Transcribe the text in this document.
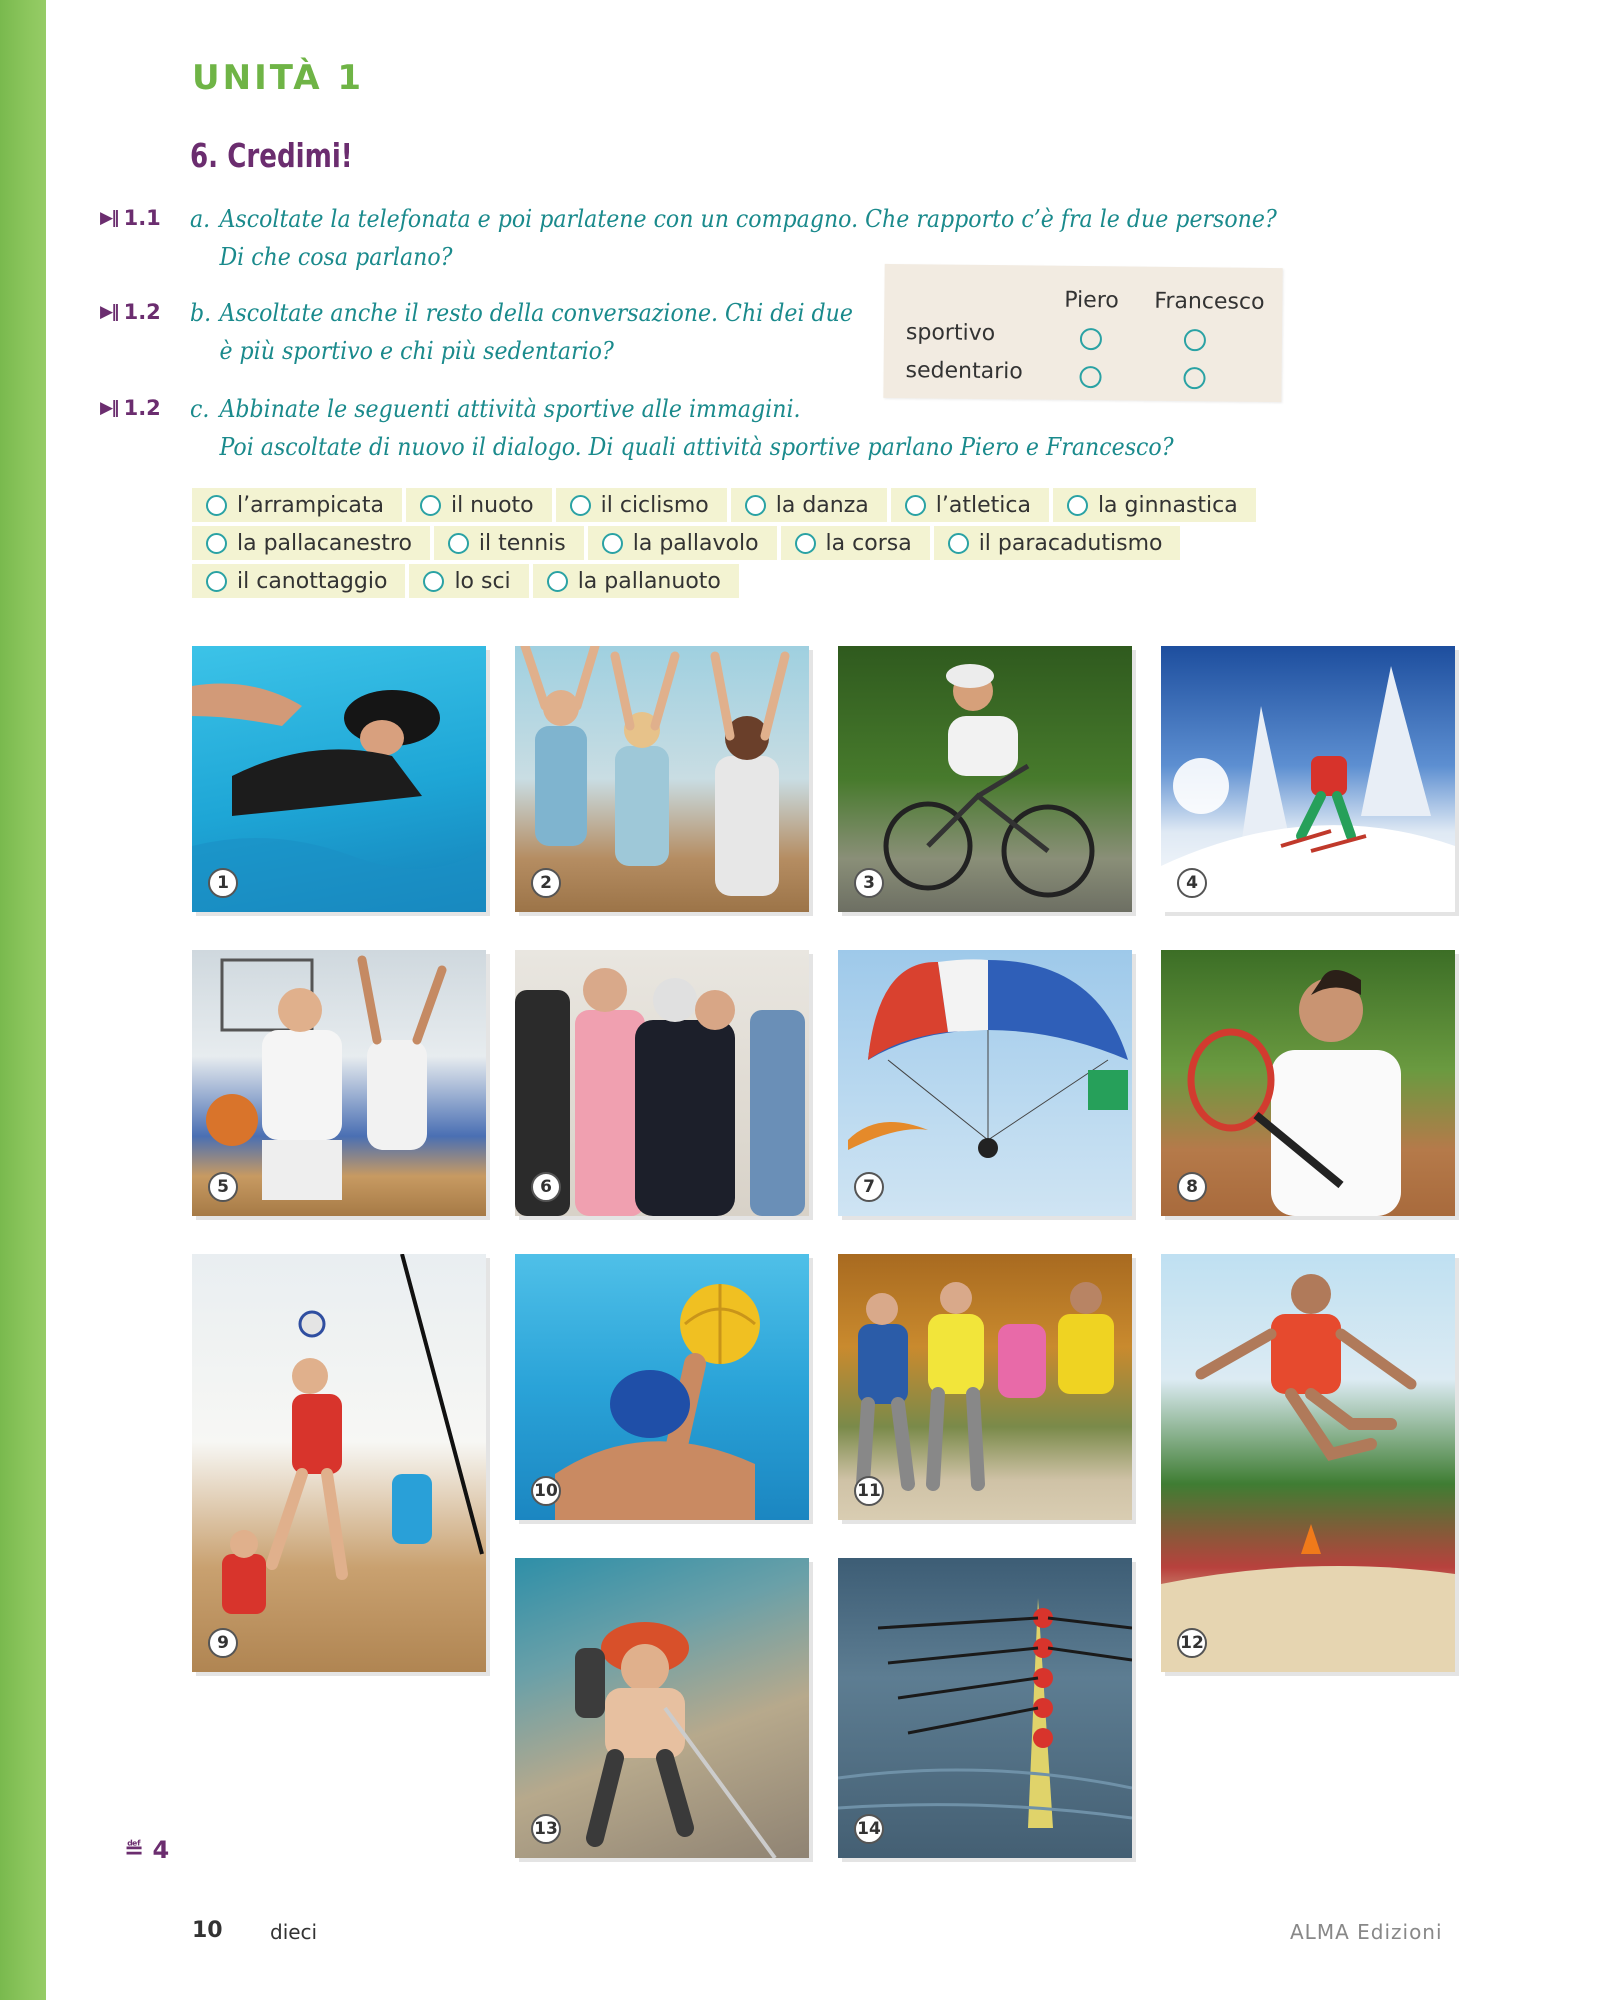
UNITÀ 1
6. Credimi!
▶‖ 1.1 a. Ascoltate la telefonata e poi parlatene con un compagno. Che rapporto c’è fra le due persone?
Di che cosa parlano?
▶‖ 1.2 b. Ascoltate anche il resto della conversazione. Chi dei due
è più sportivo e chi più sedentario?
▶‖ 1.2 c. Abbinate le seguenti attività sportive alle immagini.
Poi ascoltate di nuovo il dialogo. Di quali attività sportive parlano Piero e Francesco?
Piero Francesco
sportivo
sedentario
l’arrampicata	il nuoto	il ciclismo	la danza	l’atletica	la ginnastica
la pallacanestro	il tennis	la pallavolo	la corsa	il paracadutismo
il canottaggio	lo sci	la pallanuoto
1	2	3	4
5	6	7	8
9
10	11
12
13	14
≝ 4
10 dieci	ALMA Edizioni
